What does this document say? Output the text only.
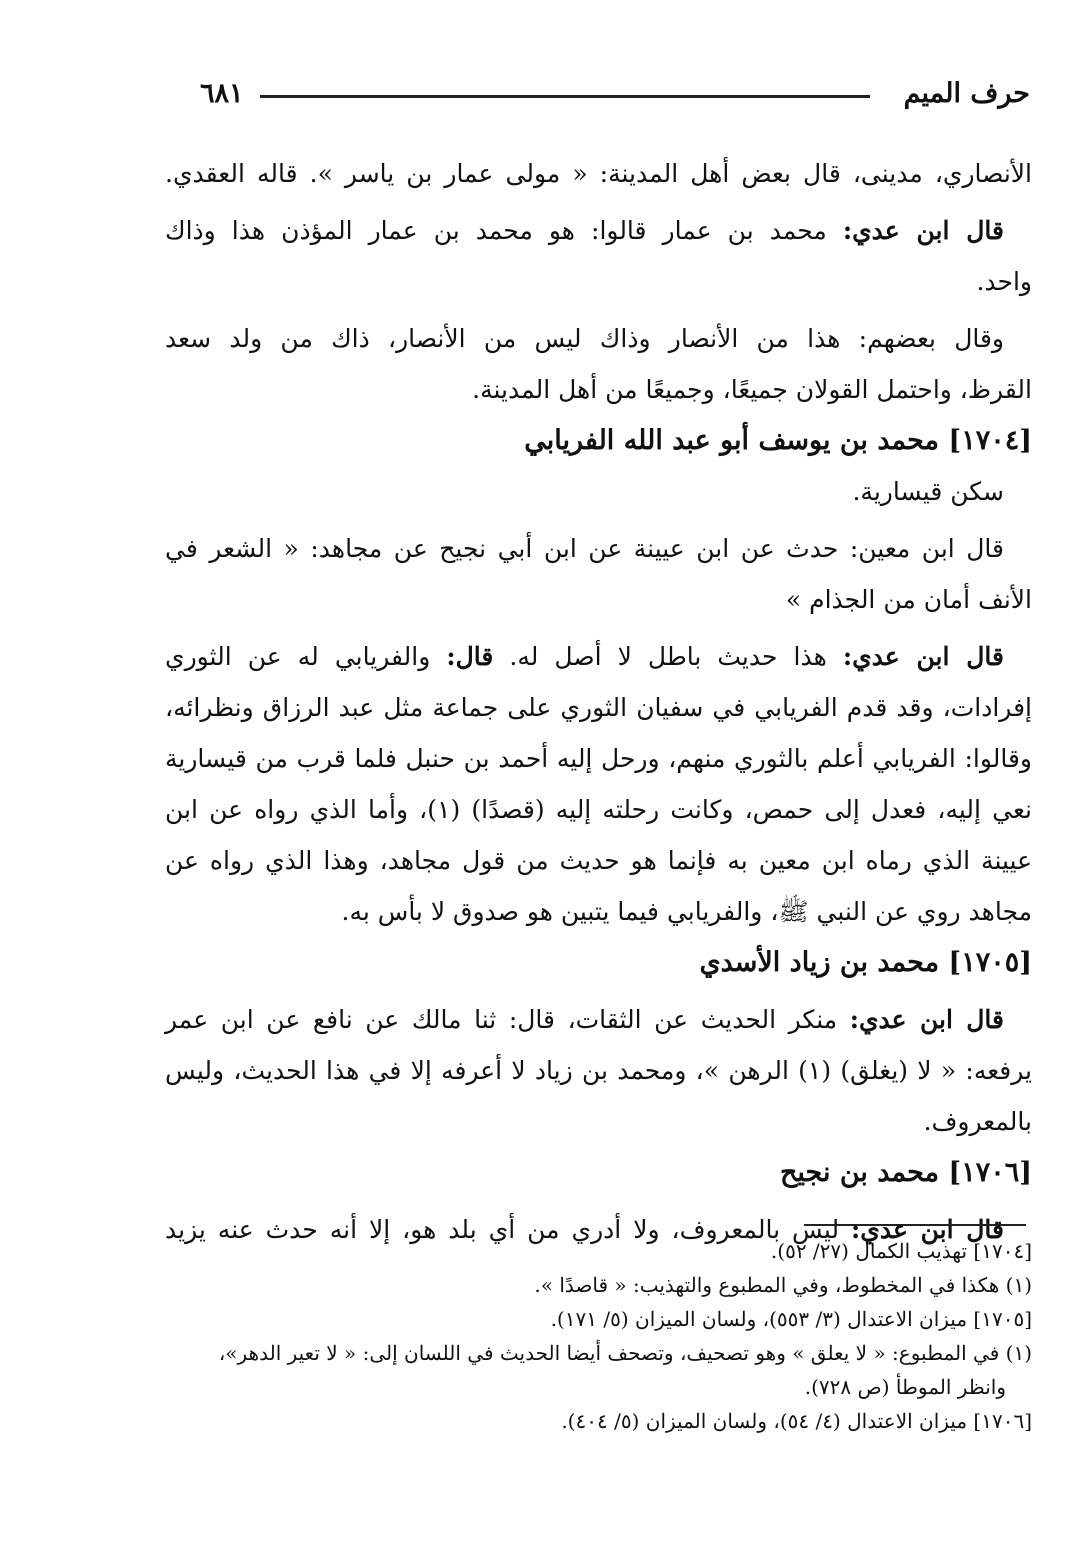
حرف الميم
٦٨١
الأنصاري، مدينى، قال بعض أهل المدينة: « مولى عمار بن ياسر ». قاله العقدي.
قال ابن عدي: محمد بن عمار قالوا: هو محمد بن عمار المؤذن هذا وذاك
واحد.
وقال بعضهم: هذا من الأنصار وذاك ليس من الأنصار، ذاك من ولد سعد
القرظ، واحتمل القولان جميعًا، وجميعًا من أهل المدينة.
[١٧٠٤] محمد بن يوسف أبو عبد الله الفريابي
سكن قيسارية.
قال ابن معين: حدث عن ابن عيينة عن ابن أبي نجيح عن مجاهد: « الشعر في
الأنف أمان من الجذام »
قال ابن عدي: هذا حديث باطل لا أصل له. قال: والفريابي له عن الثوري
إفرادات، وقد قدم الفريابي في سفيان الثوري على جماعة مثل عبد الرزاق ونظرائه،
وقالوا: الفريابي أعلم بالثوري منهم، ورحل إليه أحمد بن حنبل فلما قرب من قيسارية
نعي إليه، فعدل إلى حمص، وكانت رحلته إليه (قصدًا) (١)، وأما الذي رواه عن ابن
عيينة الذي رماه ابن معين به فإنما هو حديث من قول مجاهد، وهذا الذي رواه عن
مجاهد روي عن النبي ﷺ، والفريابي فيما يتبين هو صدوق لا بأس به.
[١٧٠٥] محمد بن زياد الأسدي
قال ابن عدي: منكر الحديث عن الثقات، قال: ثنا مالك عن نافع عن ابن عمر
يرفعه: « لا (يغلق) (١) الرهن »، ومحمد بن زياد لا أعرفه إلا في هذا الحديث، وليس
بالمعروف.
[١٧٠٦] محمد بن نجيح
قال ابن عدي: ليس بالمعروف، ولا أدري من أي بلد هو، إلا أنه حدث عنه يزيد
[١٧٠٤] تهذيب الكمال (٢٧/ ٥٢).
(١) هكذا في المخطوط، وفي المطبوع والتهذيب: « قاصدًا ».
[١٧٠٥] ميزان الاعتدال (٣/ ٥٥٣)، ولسان الميزان (٥/ ١٧١).
(١) في المطبوع: « لا يعلق » وهو تصحيف، وتصحف أيضا الحديث في اللسان إلى: « لا تعير الدهر»،
وانظر الموطأ (ص ٧٢٨).
[١٧٠٦] ميزان الاعتدال (٤/ ٥٤)، ولسان الميزان (٥/ ٤٠٤).
